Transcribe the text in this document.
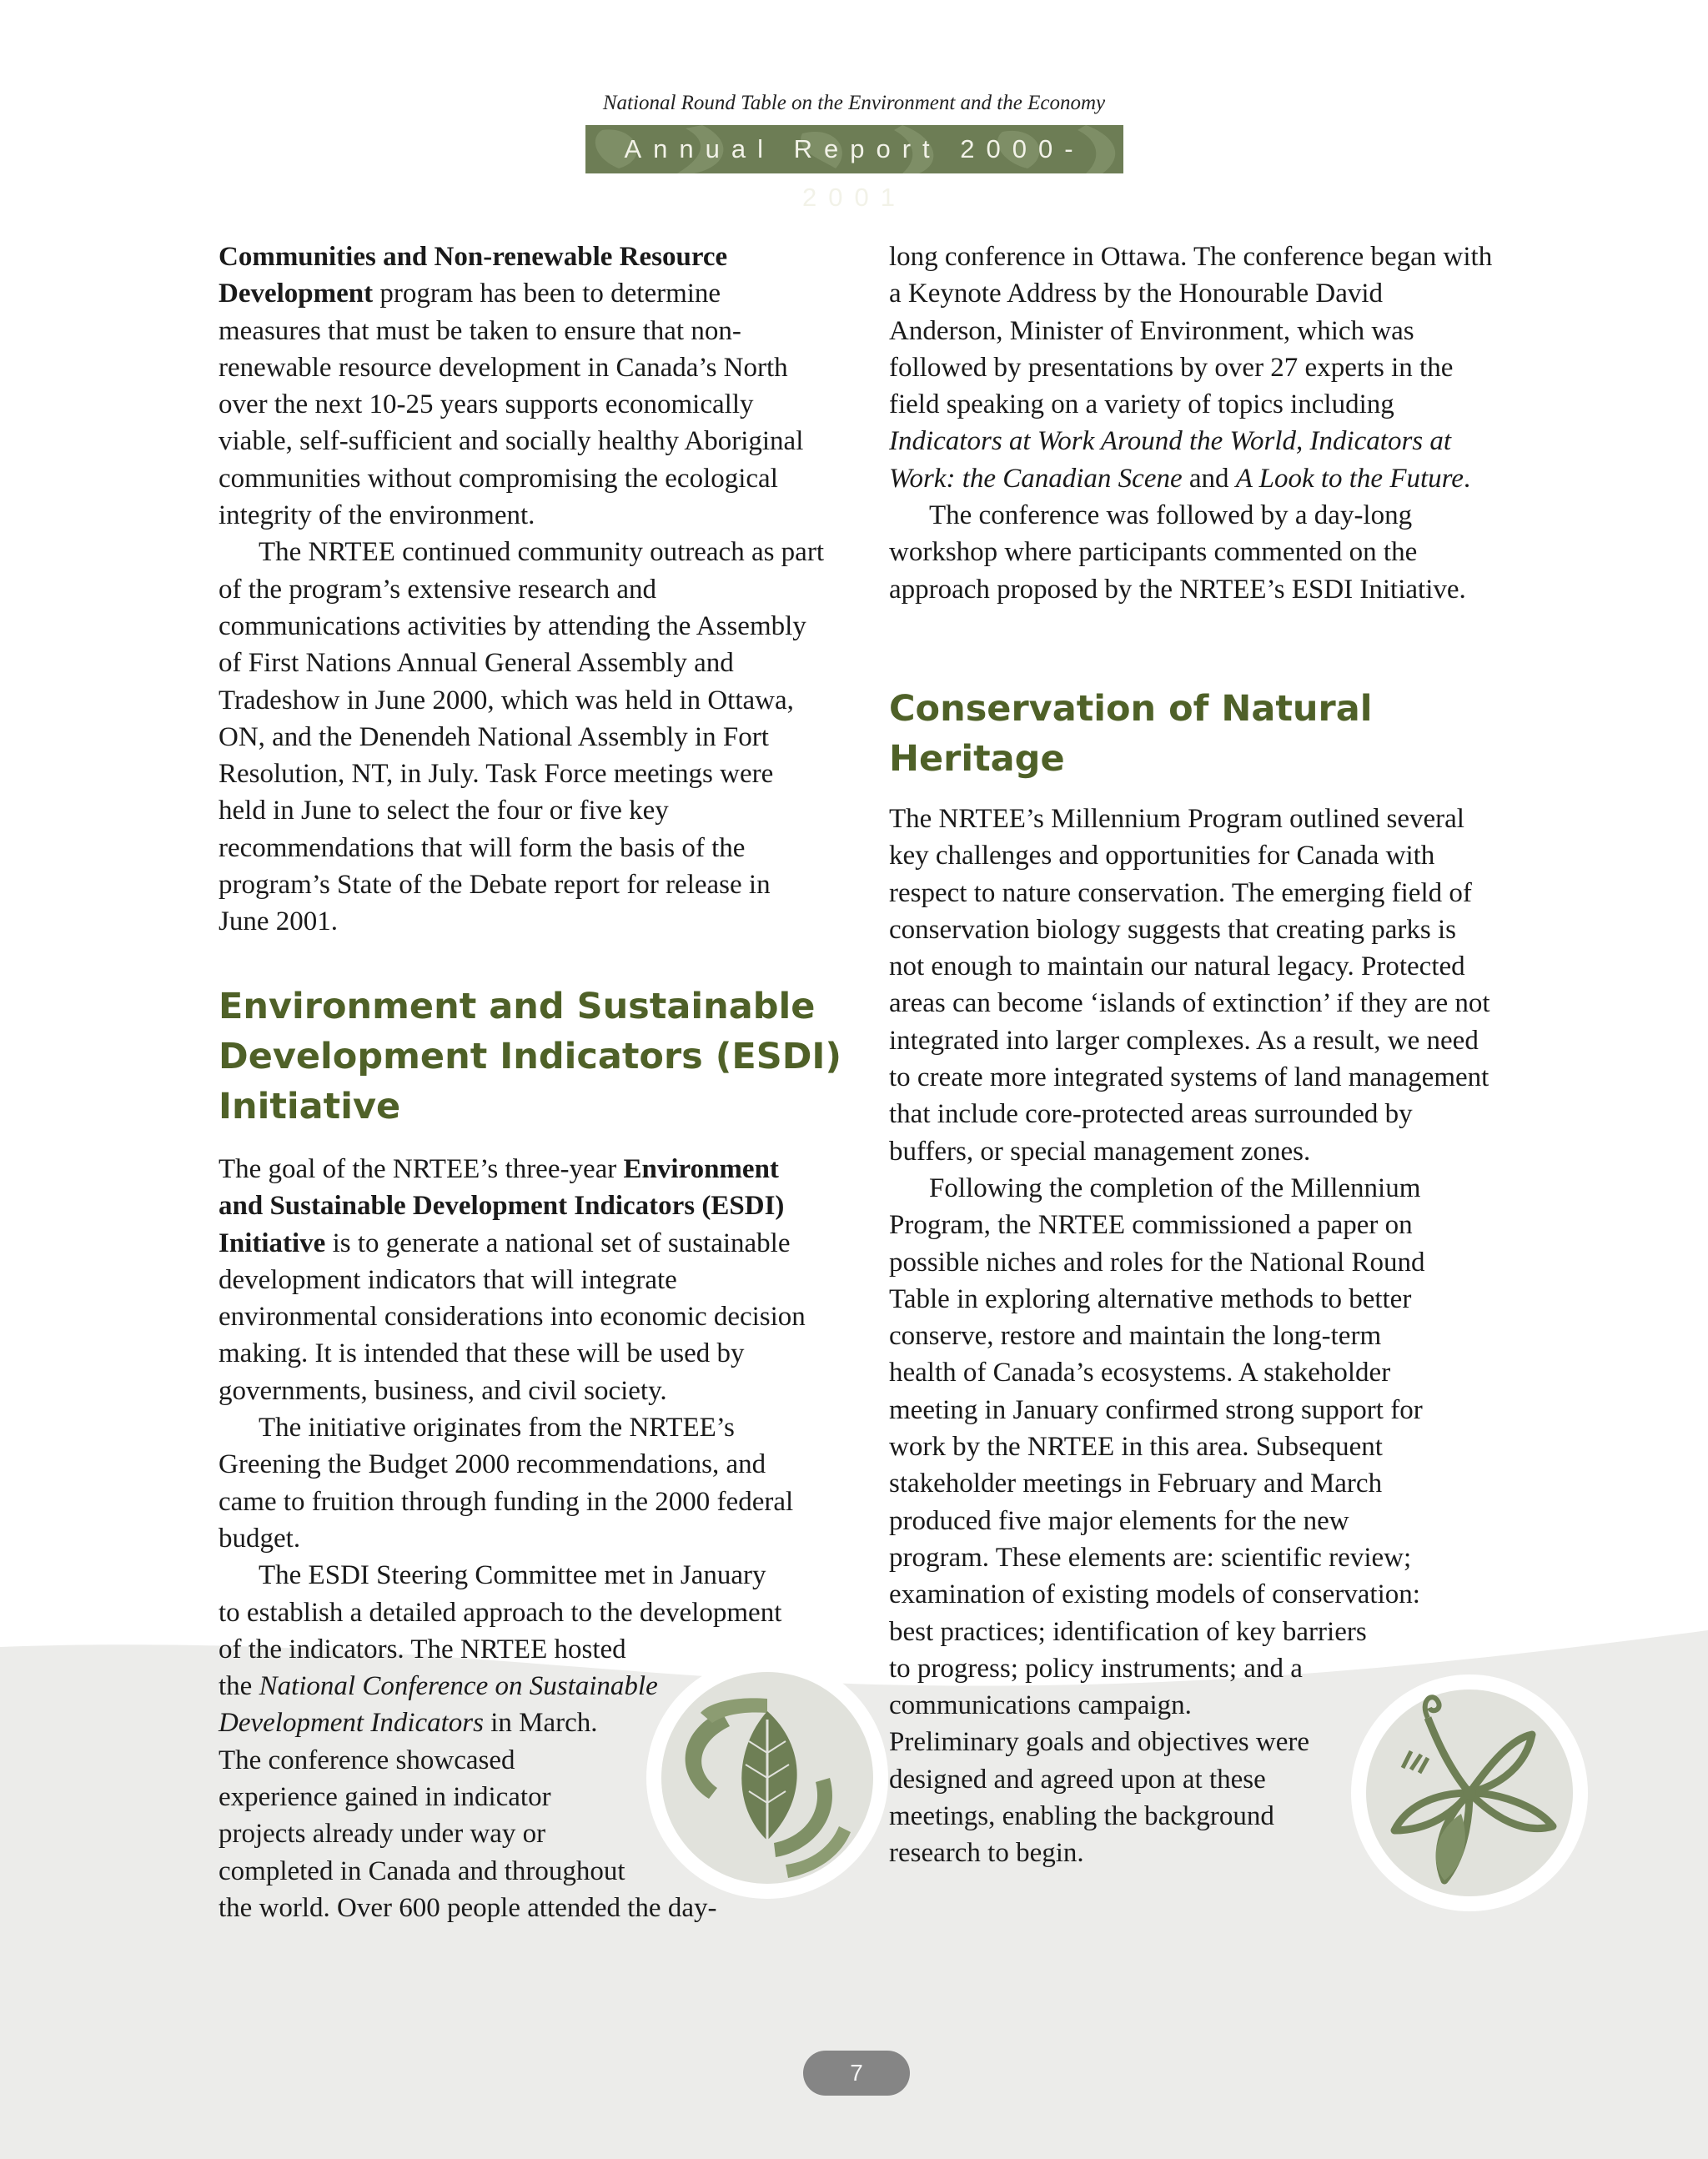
National Round Table on the Environment and the Economy
Annual Report 2000-2001

Communities and Non-renewable Resource Development program has been to determine measures that must be taken to ensure that non-renewable resource development in Canada’s North over the next 10-25 years supports economically viable, self-sufficient and socially healthy Aboriginal communities without compromising the ecological integrity of the environment.

The NRTEE continued community outreach as part of the program’s extensive research and communications activities by attending the Assembly of First Nations Annual General Assembly and Tradeshow in June 2000, which was held in Ottawa, ON, and the Denendeh National Assembly in Fort Resolution, NT, in July. Task Force meetings were held in June to select the four or five key recommendations that will form the basis of the program’s State of the Debate report for release in June 2001.

Environment and Sustainable Development Indicators (ESDI) Initiative

The goal of the NRTEE’s three-year Environment and Sustainable Development Indicators (ESDI) Initiative is to generate a national set of sustainable development indicators that will integrate environmental considerations into economic decision making. It is intended that these will be used by governments, business, and civil society.

The initiative originates from the NRTEE’s Greening the Budget 2000 recommendations, and came to fruition through funding in the 2000 federal budget.

The ESDI Steering Committee met in January
to establish a detailed approach to the development
of the indicators. The NRTEE hosted
the National Conference on Sustainable
Development Indicators in March.
The conference showcased
experience gained in indicator
projects already under way or
completed in Canada and throughout
the world. Over 600 people attended the day-

long conference in Ottawa. The conference began with a Keynote Address by the Honourable David Anderson, Minister of Environment, which was followed by presentations by over 27 experts in the field speaking on a variety of topics including Indicators at Work Around the World, Indicators at Work: the Canadian Scene and A Look to the Future.

The conference was followed by a day-long workshop where participants commented on the approach proposed by the NRTEE’s ESDI Initiative.

Conservation of Natural Heritage

The NRTEE’s Millennium Program outlined several key challenges and opportunities for Canada with respect to nature conservation. The emerging field of conservation biology suggests that creating parks is not enough to maintain our natural legacy. Protected areas can become ‘islands of extinction’ if they are not integrated into larger complexes. As a result, we need to create more integrated systems of land management that include core-protected areas surrounded by buffers, or special management zones.

Following the completion of the Millennium
Program, the NRTEE commissioned a paper on
possible niches and roles for the National Round
Table in exploring alternative methods to better
conserve, restore and maintain the long-term
health of Canada’s ecosystems. A stakeholder
meeting in January confirmed strong support for
work by the NRTEE in this area. Subsequent
stakeholder meetings in February and March
produced five major elements for the new
program. These elements are: scientific review;
examination of existing models of conservation:
best practices; identification of key barriers
to progress; policy instruments; and a
communications campaign.
Preliminary goals and objectives were
designed and agreed upon at these
meetings, enabling the background
research to begin.
7
